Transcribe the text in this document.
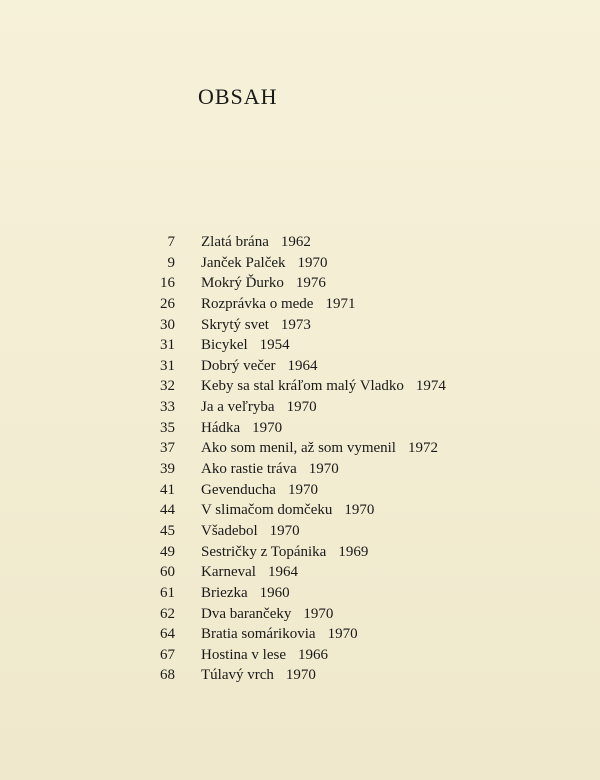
OBSAH
7 Zlatá brána 1962
9 Janček Palček 1970
16 Mokrý Ďurko 1976
26 Rozprávka o mede 1971
30 Skrytý svet 1973
31 Bicykel 1954
31 Dobrý večer 1964
32 Keby sa stal kráľom malý Vladko 1974
33 Ja a veľryba 1970
35 Hádka 1970
37 Ako som menil, až som vymenil 1972
39 Ako rastie tráva 1970
41 Gevenducha 1970
44 V slimačom domčeku 1970
45 Všadebol 1970
49 Sestričky z Topánika 1969
60 Karneval 1964
61 Briezka 1960
62 Dva barančeky 1970
64 Bratia somárikovia 1970
67 Hostina v lese 1966
68 Túlavý vrch 1970
